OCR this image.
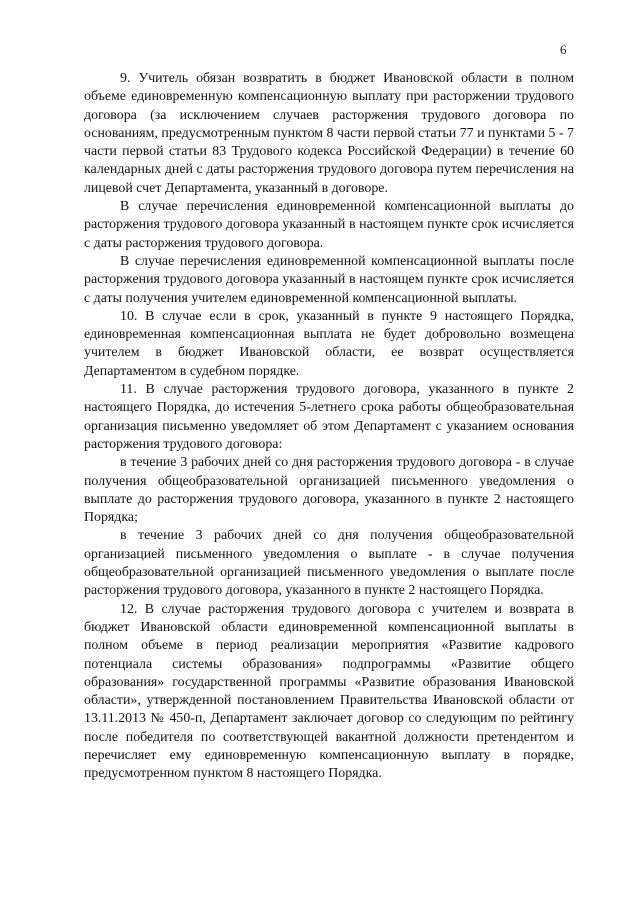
6

9. Учитель обязан возвратить в бюджет Ивановской области в полном объеме единовременную компенсационную выплату при расторжении трудового договора (за исключением случаев расторжения трудового договора по основаниям, предусмотренным пунктом 8 части первой статьи 77 и пунктами 5 - 7 части первой статьи 83 Трудового кодекса Российской Федерации) в течение 60 календарных дней с даты расторжения трудового договора путем перечисления на лицевой счет Департамента, указанный в договоре.

В случае перечисления единовременной компенсационной выплаты до расторжения трудового договора указанный в настоящем пункте срок исчисляется с даты расторжения трудового договора.

В случае перечисления единовременной компенсационной выплаты после расторжения трудового договора указанный в настоящем пункте срок исчисляется с даты получения учителем единовременной компенсационной выплаты.

10. В случае если в срок, указанный в пункте 9 настоящего Порядка, единовременная компенсационная выплата не будет добровольно возмещена учителем в бюджет Ивановской области, ее возврат осуществляется Департаментом в судебном порядке.

11. В случае расторжения трудового договора, указанного в пункте 2 настоящего Порядка, до истечения 5-летнего срока работы общеобразовательная организация письменно уведомляет об этом Департамент с указанием основания расторжения трудового договора:

в течение 3 рабочих дней со дня расторжения трудового договора - в случае получения общеобразовательной организацией письменного уведомления о выплате до расторжения трудового договора, указанного в пункте 2 настоящего Порядка;

в течение 3 рабочих дней со дня получения общеобразовательной организацией письменного уведомления о выплате - в случае получения общеобразовательной организацией письменного уведомления о выплате после расторжения трудового договора, указанного в пункте 2 настоящего Порядка.

12. В случае расторжения трудового договора с учителем и возврата в бюджет Ивановской области единовременной компенсационной выплаты в полном объеме в период реализации мероприятия «Развитие кадрового потенциала системы образования» подпрограммы «Развитие общего образования» государственной программы «Развитие образования Ивановской области», утвержденной постановлением Правительства Ивановской области от 13.11.2013 № 450-п, Департамент заключает договор со следующим по рейтингу после победителя по соответствующей вакантной должности претендентом и перечисляет ему единовременную компенсационную выплату в порядке, предусмотренном пунктом 8 настоящего Порядка.
